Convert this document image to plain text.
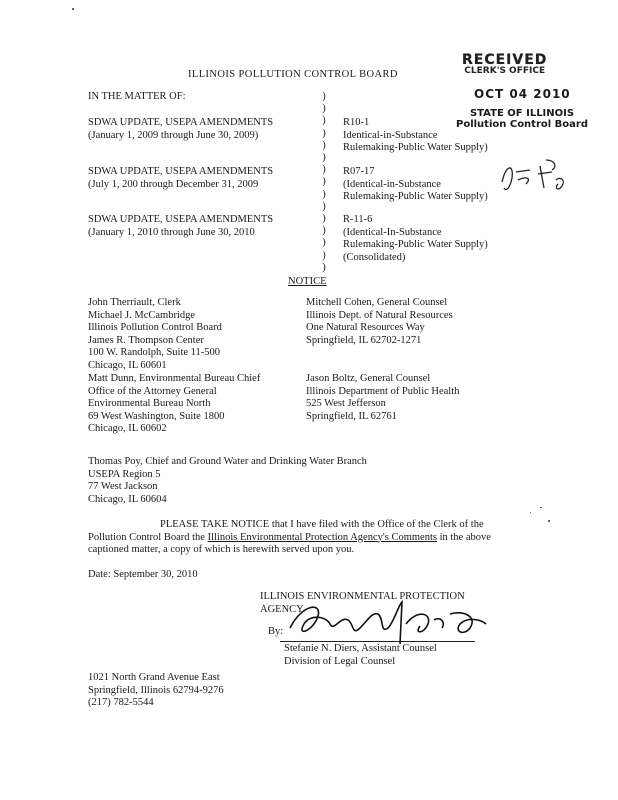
RECEIVED
CLERK'S OFFICE
OCT 04 2010
STATE OF ILLINOIS
Pollution Control Board
ILLINOIS POLLUTION CONTROL BOARD
IN THE MATTER OF:
SDWA UPDATE, USEPA AMENDMENTS
(January 1, 2009 through June 30, 2009)
R10-1
Identical-in-Substance
Rulemaking-Public Water Supply)
SDWA UPDATE, USEPA AMENDMENTS
(July 1, 200 through December 31, 2009
R07-17
(Identical-in-Substance
Rulemaking-Public Water Supply)
SDWA UPDATE, USEPA AMENDMENTS
(January 1, 2010 through June 30, 2010
R-11-6
(Identical-In-Substance
Rulemaking-Public Water Supply)
(Consolidated)
)
)
)
)
)
)
)
)
)
)
)
)
)
)
)
NOTICE
John Therriault, Clerk
Michael J. McCambridge
Illinois Pollution Control Board
James R. Thompson Center
100 W. Randolph, Suite 11-500
Chicago, IL 60601
Mitchell Cohen, General Counsel
Illinois Dept. of Natural Resources
One Natural Resources Way
Springfield, IL 62702-1271
Matt Dunn, Environmental Bureau Chief
Office of the Attorney General
Environmental Bureau North
69 West Washington, Suite 1800
Chicago, IL 60602
Jason Boltz, General Counsel
Illinois Department of Public Health
525 West Jefferson
Springfield, IL 62761
Thomas Poy, Chief and Ground Water and Drinking Water Branch
USEPA Region 5
77 West Jackson
Chicago, IL 60604
PLEASE TAKE NOTICE that I have filed with the Office of the Clerk of the Pollution Control Board the Illinois Environmental Protection Agency's Comments in the above captioned matter, a copy of which is herewith served upon you.
Date: September 30, 2010
ILLINOIS ENVIRONMENTAL PROTECTION
AGENCY
By:
Stefanie N. Diers, Assistant Counsel
Division of Legal Counsel
1021 North Grand Avenue East
Springfield, Illinois 62794-9276
(217) 782-5544
